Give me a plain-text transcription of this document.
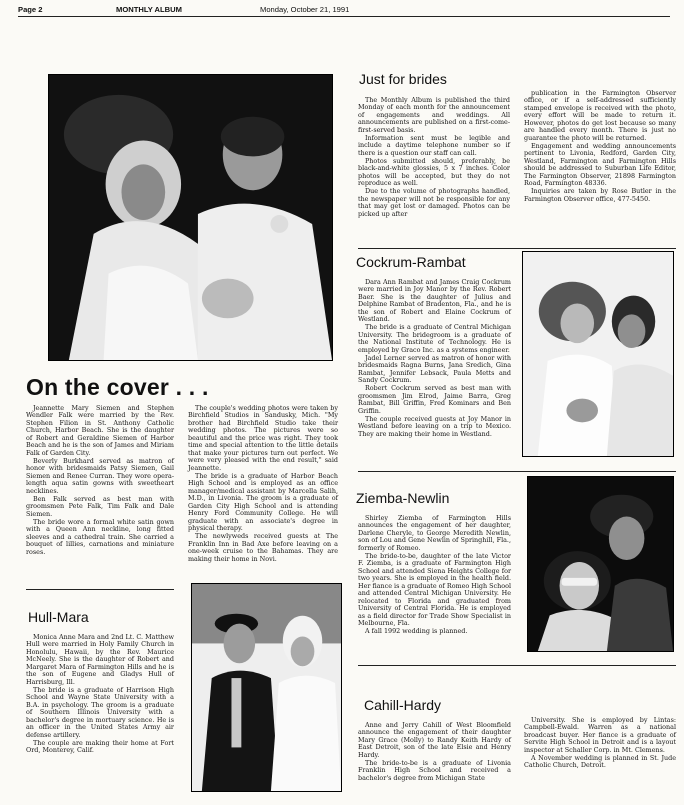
Page 2	MONTHLY ALBUM	Monday, October 21, 1991
On the cover . . .

Jeannette Mary Siemen and Stephen Wendler Falk were married by the Rev. Stephen Filion in St. Anthony Catholic Church, Harbor Beach. She is the daughter of Robert and Geraldine Siemen of Harbor Beach and he is the son of James and Miriam Falk of Garden City.

Beverly Burkhard served as matron of honor with bridesmaids Patsy Siemen, Gail Siemen and Renee Curran. They wore opera-length aqua satin gowns with sweetheart necklines.

Ben Falk served as best man with groomsmen Pete Falk, Tim Falk and Dale Siemen.

The bride wore a formal white satin gown with a Queen Ann neckline, long fitted sleeves and a cathedral train. She carried a bouquet of lillies, carnations and miniature roses.

The couple's wedding photos were taken by Birchfield Studios in Sandusky, Mich. "My brother had Birchfield Studio take their wedding photos. The pictures were so beautiful and the price was right. They took time and special attention to the little details that make your pictures turn out perfect. We were very pleased with the end result," said Jeannette.

The bride is a graduate of Harbor Beach High School and is employed as an office manager/medical assistant by Marcella Salih, M.D., in Livonia. The groom is a graduate of Garden City High School and is attending Henry Ford Community College. He will graduate with an associate's degree in physical therapy.

The newlyweds received guests at The Franklin Inn in Bad Axe before leaving on a one-week cruise to the Bahamas. They are making their home in Novi.

Hull-Mara

Monica Anne Mara and 2nd Lt. C. Matthew Hull were married in Holy Family Church in Honolulu, Hawaii, by the Rev. Maurice McNeely. She is the daughter of Robert and Margaret Mara of Farmington Hills and he is the son of Eugene and Gladys Hull of Harrisburg, Ill.

The bride is a graduate of Harrison High School and Wayne State University with a B.A. in psychology. The groom is a graduate of Southern Illinois University with a bachelor's degree in mortuary science. He is an officer in the United States Army air defense artillery.

The couple are making their home at Fort Ord, Monterey, Calif.

Just for brides

The Monthly Album is published the third Monday of each month for the announcement of engagements and weddings. All announcements are published on a first-come-first-served basis.

Information sent must be legible and include a daytime telephone number so if there is a question our staff can call.

Photos submitted should, preferably, be black-and-white glossies, 5 x 7 inches. Color photos will be accepted, but they do not reproduce as well.

Due to the volume of photographs handled, the newspaper will not be responsible for any that may get lost or damaged. Photos can be picked up after

publication in the Farmington Observer office, or if a self-addressed sufficiently stamped envelope is received with the photo, every effort will be made to return it. However, photos do get lost because so many are handled every month. There is just no guarantee the photo will be returned.

Engagement and wedding announcements pertinent to Livonia, Redford, Garden City, Westland, Farmington and Farmington Hills should be addressed to Suburban Life Editor, The Farmington Observer, 21898 Farmington Road, Farmington 48336.

Inquiries are taken by Rose Butler in the Farmington Observer office, 477-5450.

Cockrum-Rambat

Dara Ann Rambat and James Craig Cockrum were married in Joy Manor by the Rev. Robert Baer. She is the daughter of Julius and Delphine Rambat of Bradenton, Fla., and he is the son of Robert and Elaine Cockrum of Westland.

The bride is a graduate of Central Michigan University. The bridegroom is a graduate of the National Institute of Technology. He is employed by Graco Inc. as a systems engineer.

Jadel Lerner served as matron of honor with bridesmaids Ragna Burns, Jana Sredich, Gina Rambat, Jennifer Lebsack, Paula Metts and Sandy Cockrum.

Robert Cockrum served as best man with groomsmen Jim Elrod, Jaime Barra, Greg Rambat, Bill Griffin, Fred Kominars and Ben Griffin.

The couple received guests at Joy Manor in Westland before leaving on a trip to Mexico. They are making their home in Westland.

Ziemba-Newlin

Shirley Ziemba of Farmington Hills announces the engagement of her daughter, Darlene Cheryle, to George Meredith Newlin, son of Lou and Gene Newlin of Springhill, Fla., formerly of Romeo.

The bride-to-be, daughter of the late Victor F. Ziemba, is a graduate of Farmington High School and attended Siena Heights College for two years. She is employed in the health field. Her fiance is a graduate of Romeo High School and attended Central Michigan University. He relocated to Florida and graduated from University of Central Florida. He is employed as a field director for Trade Show Specialist in Melbourne, Fla.

A fall 1992 wedding is planned.

Cahill-Hardy

Anne and Jerry Cahill of West Bloomfield announce the engagement of their daughter Mary Grace (Molly) to Randy Keith Hardy of East Detroit, son of the late Elsie and Henry Hardy.

The bride-to-be is a graduate of Livonia Franklin High School and received a bachelor's degree from Michigan State

University. She is employed by Lintas: Campbell-Ewald. Warren as a national broadcast buyer. Her fiance is a graduate of Servite High School in Detroit and is a layout inspector at Schaller Corp. in Mt. Clemens.

A November wedding is planned in St. Jude Catholic Church, Detroit.
